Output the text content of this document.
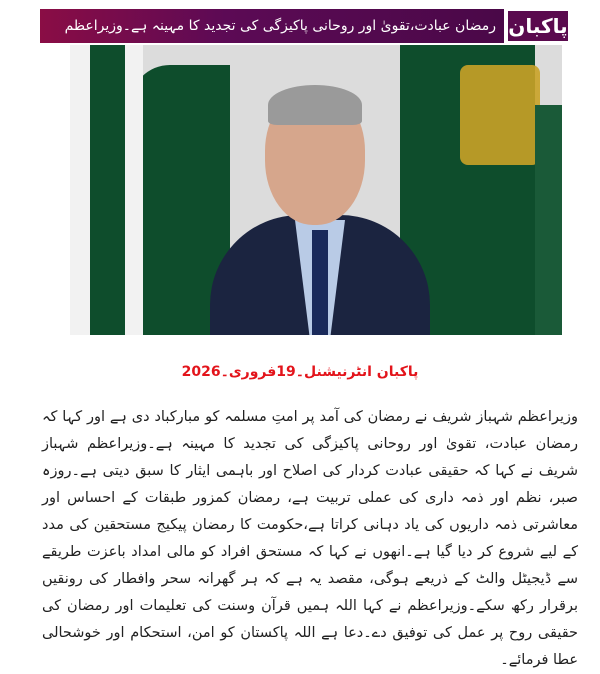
پاکبان
رمضان عبادت،تقویٰ اور روحانی پاکیزگی کی تجدید کا مہینہ ہے۔وزیراعظم
پاکبان انٹرنیشنل۔19فروری۔2026
وزیراعظم شہباز شریف نے رمضان کی آمد پر امتِ مسلمہ کو مبارکباد دی ہے اور کہا کہ رمضان عبادت، تقویٰ اور روحانی پاکیزگی کی تجدید کا مہینہ ہے۔وزیراعظم شہباز شریف نے کہا کہ حقیقی عبادت کردار کی اصلاح اور باہمی ایثار کا سبق دیتی ہے۔روزہ صبر، نظم اور ذمہ داری کی عملی تربیت ہے، رمضان کمزور طبقات کے احساس اور معاشرتی ذمہ داریوں کی یاد دہانی کراتا ہے،حکومت کا رمضان پیکیج مستحقین کی مدد کے لیے شروع کر دیا گیا ہے۔انھوں نے کہا کہ مستحق افراد کو مالی امداد باعزت طریقے سے ڈیجیٹل والٹ کے ذریعے ہوگی، مقصد یہ ہے کہ ہر گھرانہ سحر وافطار کی رونقیں برقرار رکھ سکے۔وزیراعظم نے کہا اللہ ہمیں قرآن وسنت کی تعلیمات اور رمضان کی حقیقی روح پر عمل کی توفیق دے۔دعا ہے اللہ پاکستان کو امن، استحکام اور خوشحالی عطا فرمائے۔
